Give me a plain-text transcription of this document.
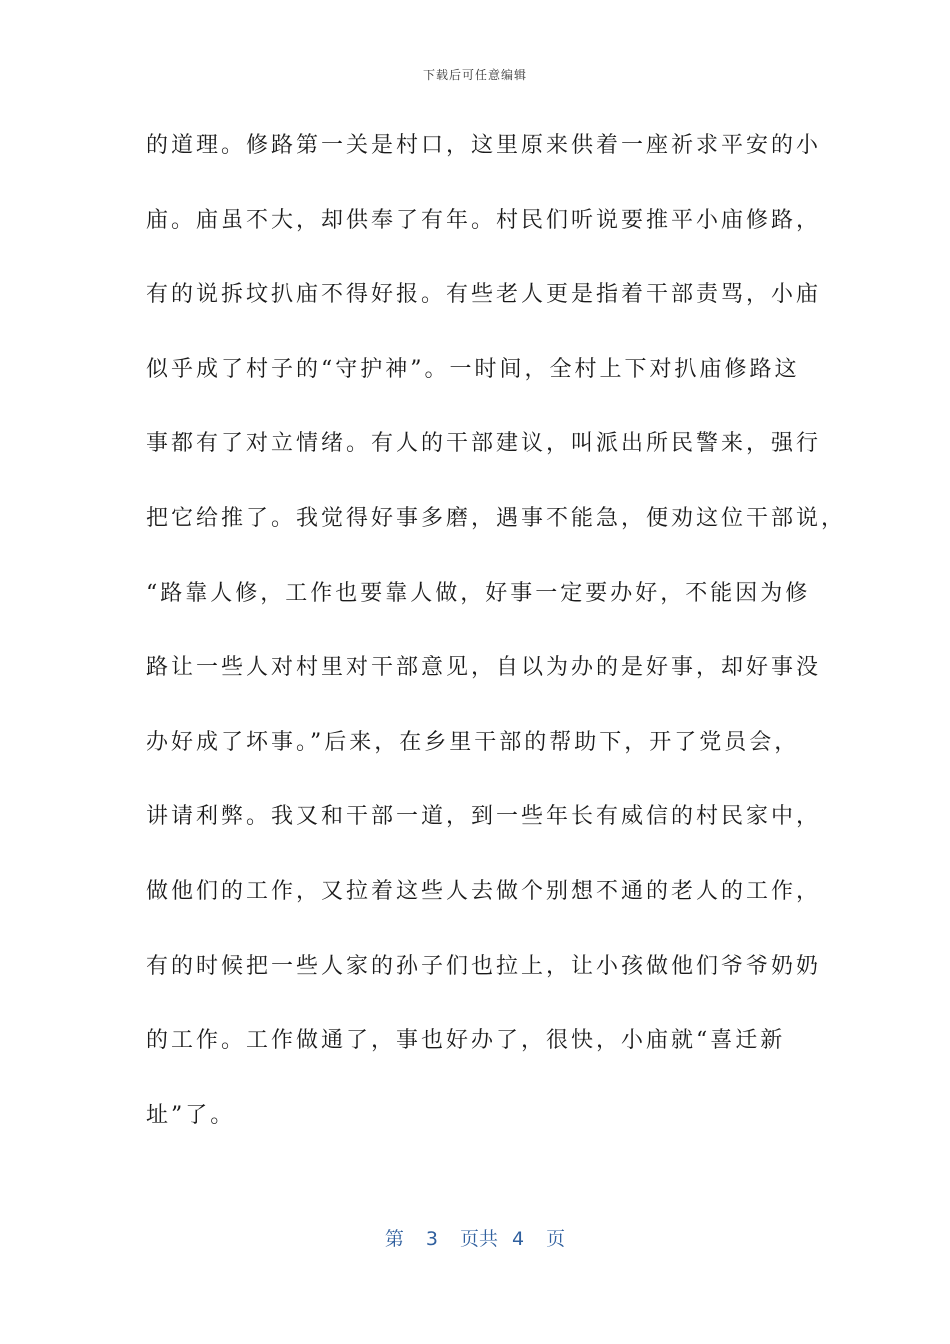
下载后可任意编辑
的道理。修路第一关是村口，这里原来供着一座祈求平安的小
庙。庙虽不大，却供奉了有年。村民们听说要推平小庙修路，
有的说拆坟扒庙不得好报。有些老人更是指着干部责骂，小庙
似乎成了村子的“守护神”。一时间，全村上下对扒庙修路这
事都有了对立情绪。有人的干部建议，叫派出所民警来，强行
把它给推了。我觉得好事多磨，遇事不能急，便劝这位干部说，
“路靠人修，工作也要靠人做，好事一定要办好，不能因为修
路让一些人对村里对干部意见，自以为办的是好事，却好事没
办好成了坏事。”后来，在乡里干部的帮助下，开了党员会，
讲请利弊。我又和干部一道，到一些年长有威信的村民家中，
做他们的工作，又拉着这些人去做个别想不通的老人的工作，
有的时候把一些人家的孙子们也拉上，让小孩做他们爷爷奶奶
的工作。工作做通了，事也好办了，很快，小庙就“喜迁新
址”了。
第 3 页共 4 页
